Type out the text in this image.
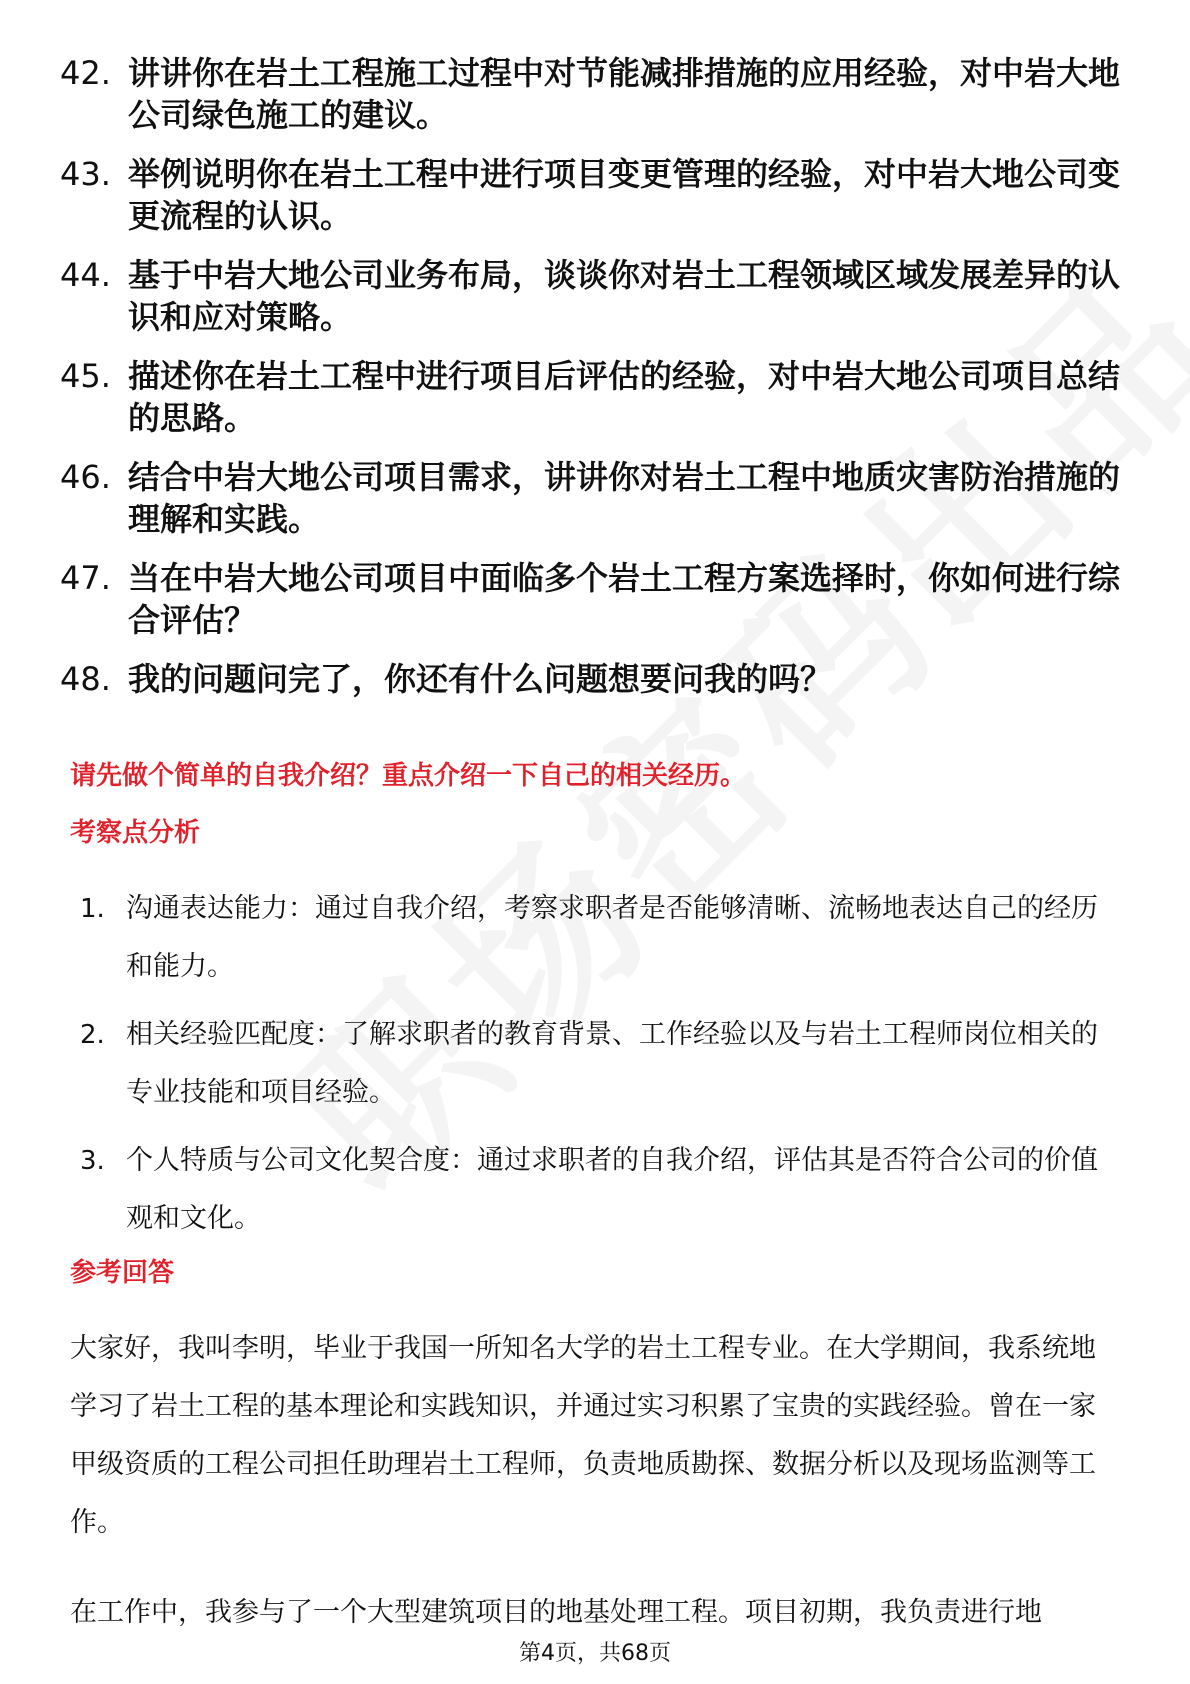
42. 讲讲你在岩土工程施工过程中对节能减排措施的应用经验，对中岩大地公司绿色施工的建议。
43. 举例说明你在岩土工程中进行项目变更管理的经验，对中岩大地公司变更流程的认识。
44. 基于中岩大地公司业务布局，谈谈你对岩土工程领域区域发展差异的认识和应对策略。
45. 描述你在岩土工程中进行项目后评估的经验，对中岩大地公司项目总结的思路。
46. 结合中岩大地公司项目需求，讲讲你对岩土工程中地质灾害防治措施的理解和实践。
47. 当在中岩大地公司项目中面临多个岩土工程方案选择时，你如何进行综合评估？
48. 我的问题问完了，你还有什么问题想要问我的吗？
请先做个简单的自我介绍？重点介绍一下自己的相关经历。
考察点分析
1. 沟通表达能力：通过自我介绍，考察求职者是否能够清晰、流畅地表达自己的经历和能力。
2. 相关经验匹配度：了解求职者的教育背景、工作经验以及与岩土工程师岗位相关的专业技能和项目经验。
3. 个人特质与公司文化契合度：通过求职者的自我介绍，评估其是否符合公司的价值观和文化。
参考回答
大家好，我叫李明，毕业于我国一所知名大学的岩土工程专业。在大学期间，我系统地学习了岩土工程的基本理论和实践知识，并通过实习积累了宝贵的实践经验。曾在一家甲级资质的工程公司担任助理岩土工程师，负责地质勘探、数据分析以及现场监测等工作。
在工作中，我参与了一个大型建筑项目的地基处理工程。项目初期，我负责进行地
第4页，共68页
